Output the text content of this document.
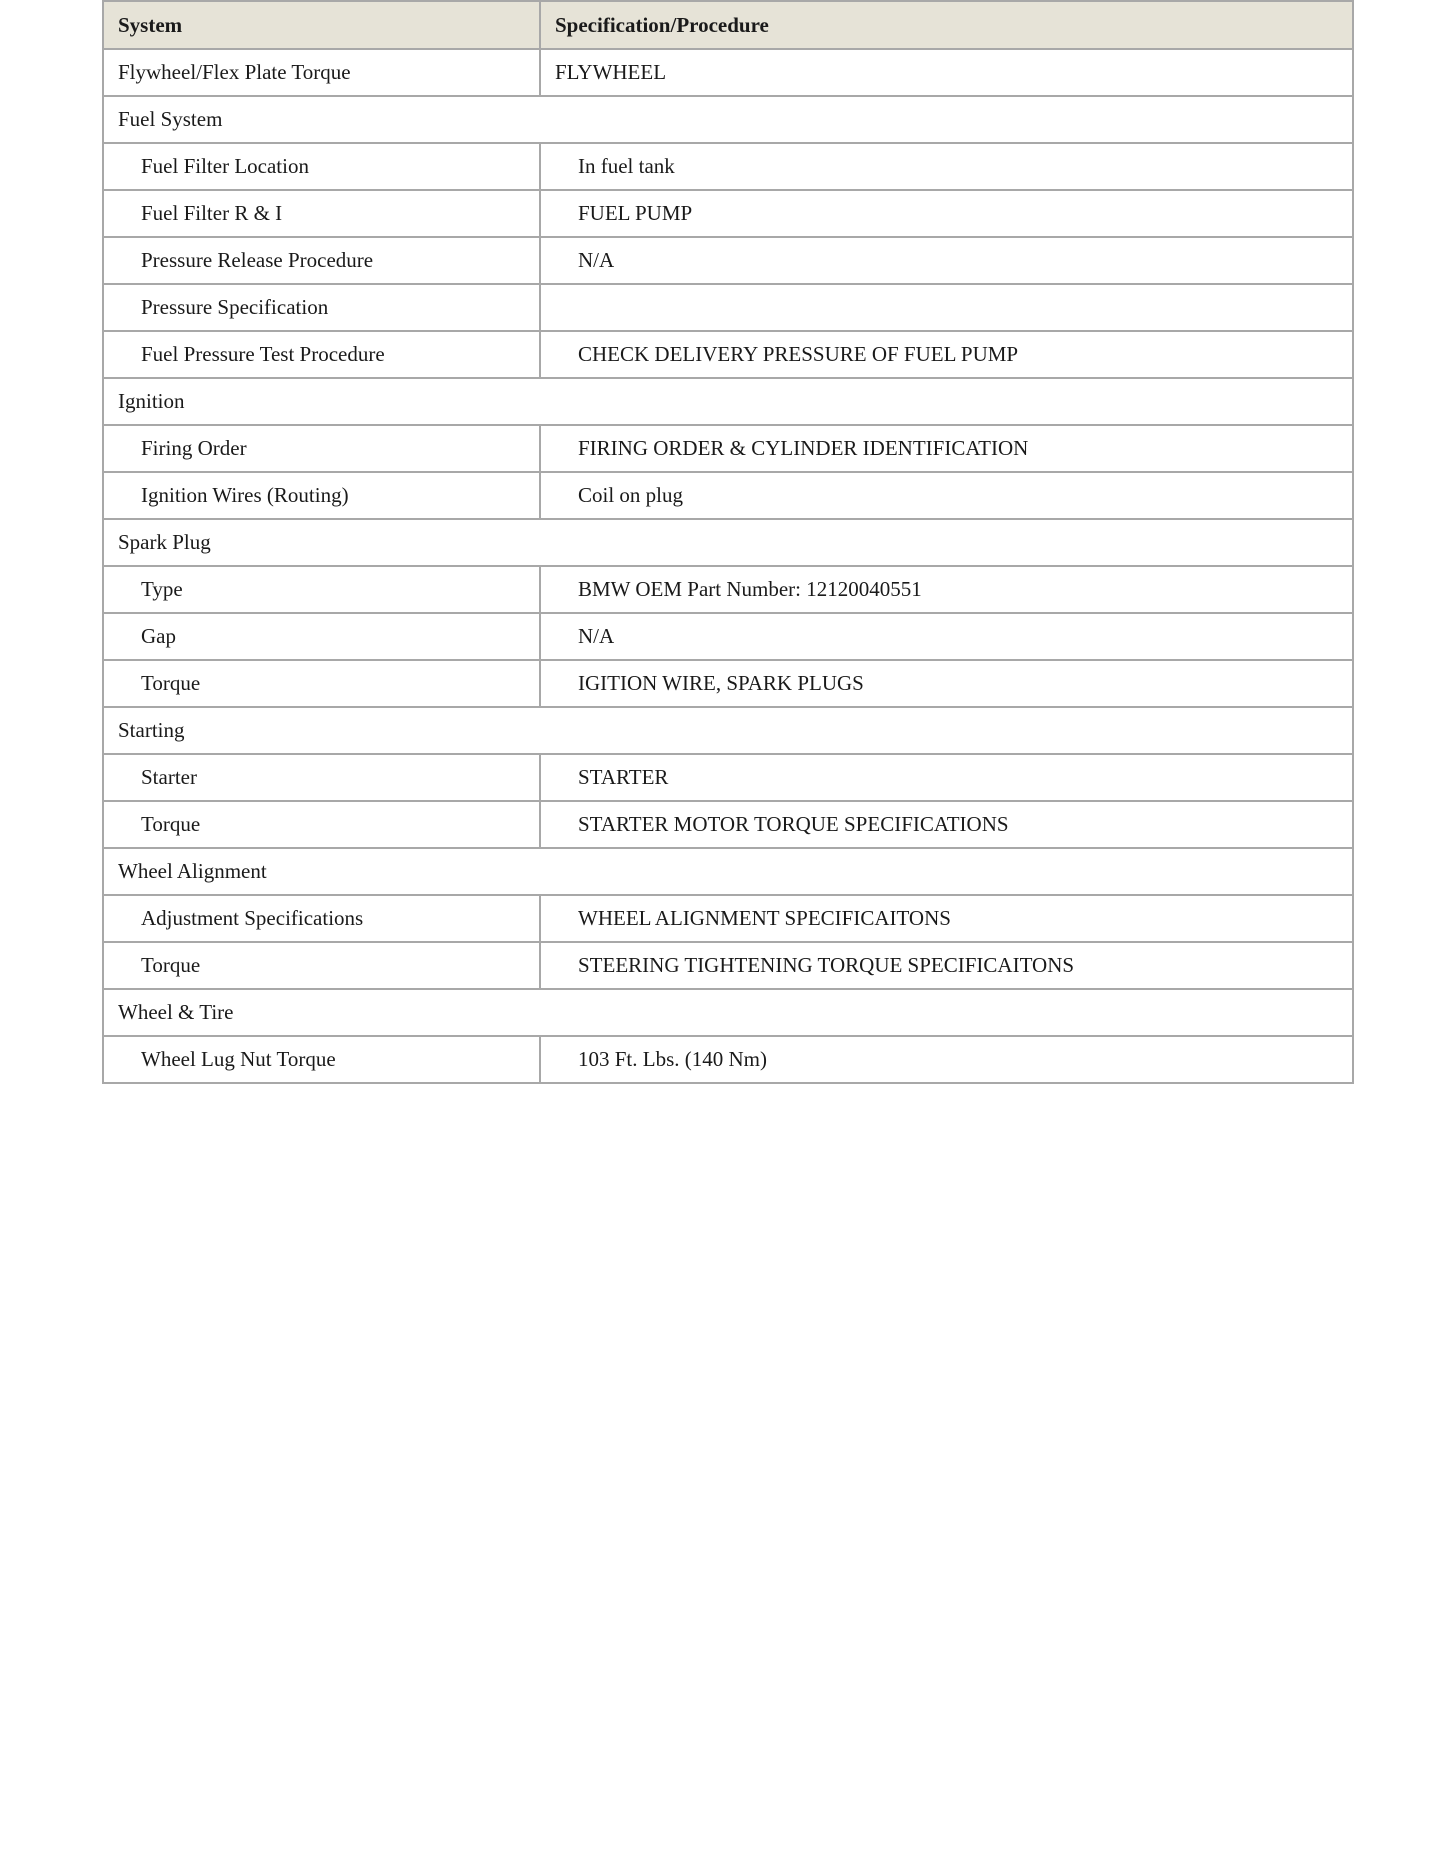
System	Specification/Procedure
Flywheel/Flex Plate Torque	FLYWHEEL
Fuel System	
Fuel Filter Location	In fuel tank
Fuel Filter R & I	FUEL PUMP
Pressure Release Procedure	N/A
Pressure Specification	
Fuel Pressure Test Procedure	CHECK DELIVERY PRESSURE OF FUEL PUMP
Ignition	
Firing Order	FIRING ORDER & CYLINDER IDENTIFICATION
Ignition Wires (Routing)	Coil on plug
Spark Plug	
Type	BMW OEM Part Number: 12120040551
Gap	N/A
Torque	IGITION WIRE, SPARK PLUGS
Starting	
Starter	STARTER
Torque	STARTER MOTOR TORQUE SPECIFICATIONS
Wheel Alignment	
Adjustment Specifications	WHEEL ALIGNMENT SPECIFICAITONS
Torque	STEERING TIGHTENING TORQUE SPECIFICAITONS
Wheel & Tire	
Wheel Lug Nut Torque	103 Ft. Lbs. (140 Nm)
